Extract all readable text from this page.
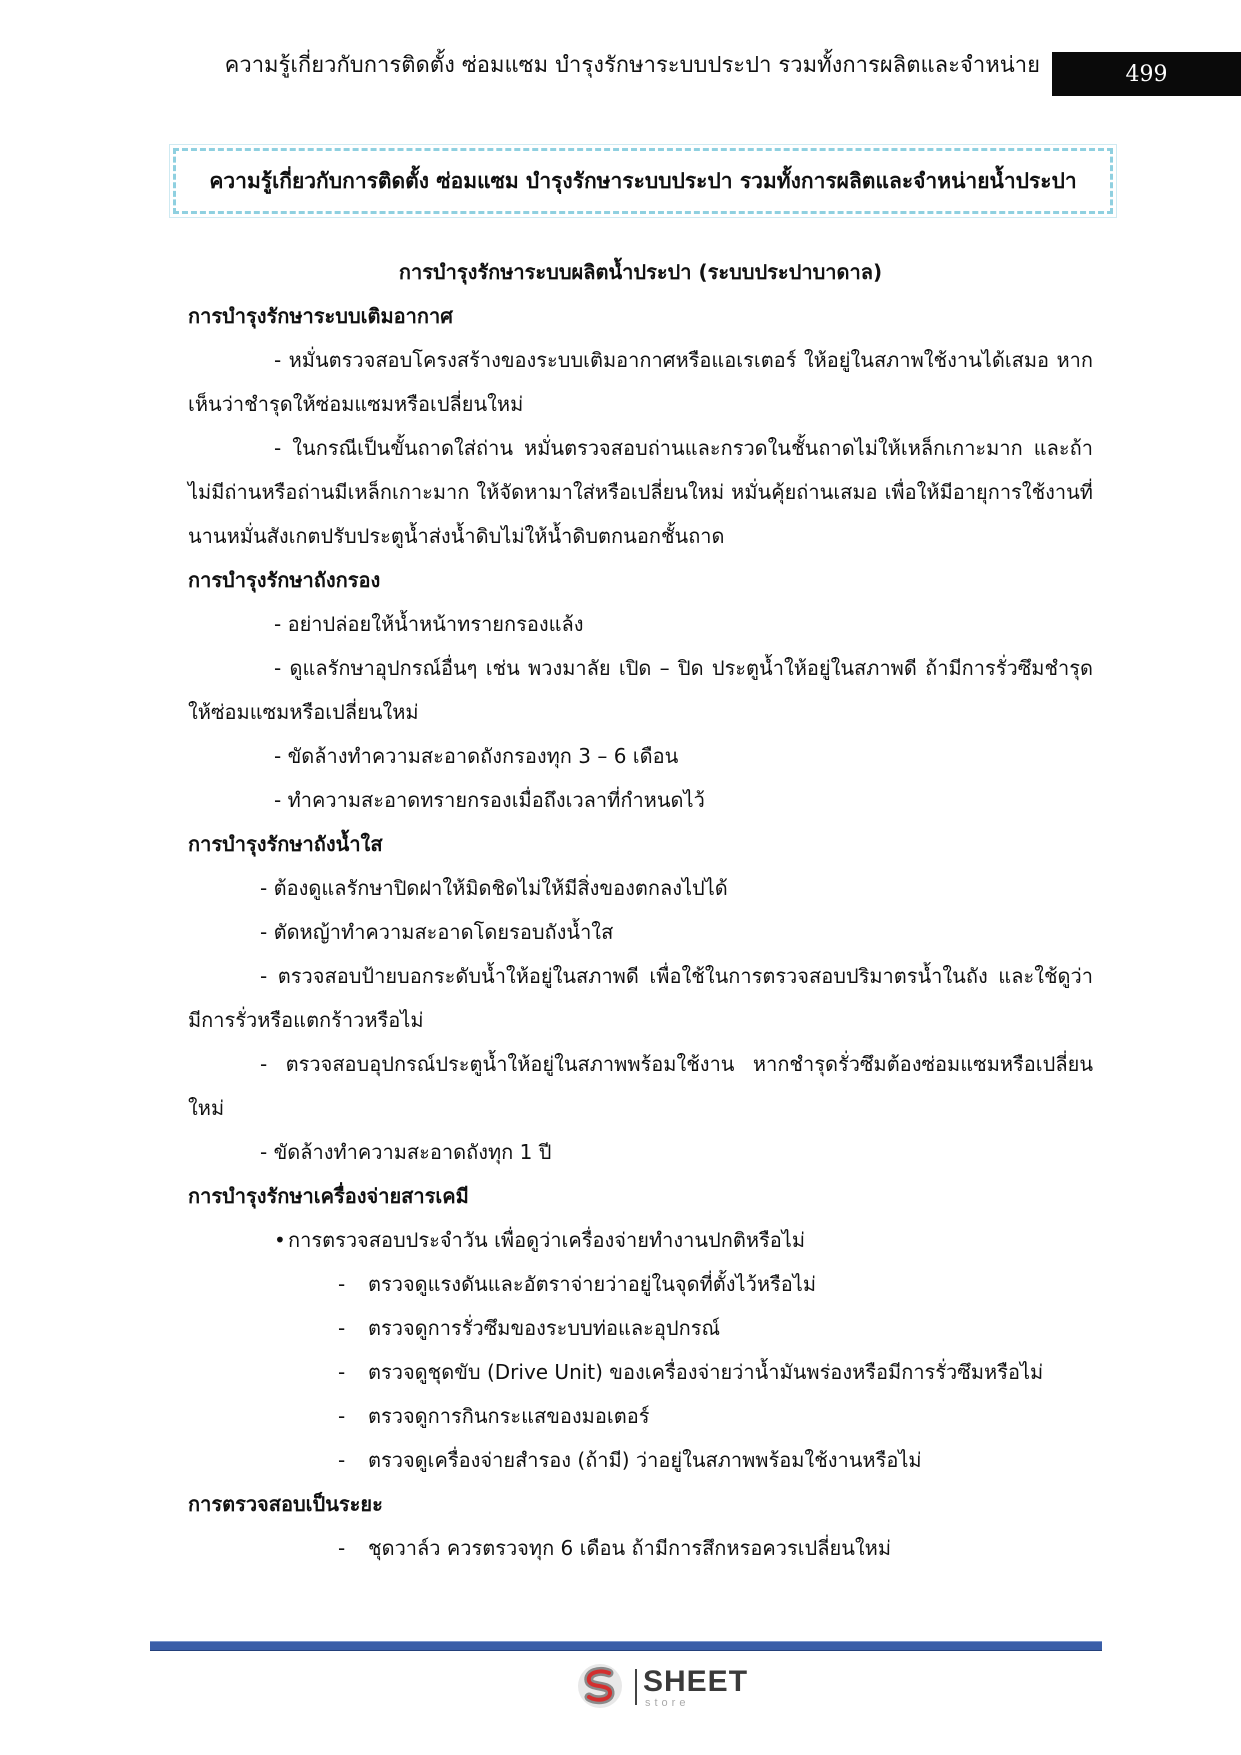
ความรู้เกี่ยวกับการติดตั้ง ซ่อมแซม บำรุงรักษาระบบประปา รวมทั้งการผลิตและจำหน่าย	499
ความรู้เกี่ยวกับการติดตั้ง ซ่อมแซม บำรุงรักษาระบบประปา รวมทั้งการผลิตและจำหน่ายน้ำประปา

การบำรุงรักษาระบบผลิตน้ำประปา (ระบบประปาบาดาล)

การบำรุงรักษาระบบเติมอากาศ

- หมั่นตรวจสอบโครงสร้างของระบบเติมอากาศหรือแอเรเตอร์ ให้อยู่ในสภาพใช้งานได้เสมอ หากเห็นว่าชำรุดให้ซ่อมแซมหรือเปลี่ยนใหม่

- ในกรณีเป็นขั้นถาดใส่ถ่าน หมั่นตรวจสอบถ่านและกรวดในชั้นถาดไม่ให้เหล็กเกาะมาก และถ้าไม่มีถ่านหรือถ่านมีเหล็กเกาะมาก ให้จัดหามาใส่หรือเปลี่ยนใหม่ หมั่นคุ้ยถ่านเสมอ เพื่อให้มีอายุการใช้งานที่นานหมั่นสังเกตปรับประตูน้ำส่งน้ำดิบไม่ให้น้ำดิบตกนอกชั้นถาด

การบำรุงรักษาถังกรอง

- อย่าปล่อยให้น้ำหน้าทรายกรองแล้ง

- ดูแลรักษาอุปกรณ์อื่นๆ เช่น พวงมาลัย เปิด – ปิด ประตูน้ำให้อยู่ในสภาพดี ถ้ามีการรั่วซึมชำรุดให้ซ่อมแซมหรือเปลี่ยนใหม่

- ขัดล้างทำความสะอาดถังกรองทุก 3 – 6 เดือน

- ทำความสะอาดทรายกรองเมื่อถึงเวลาที่กำหนดไว้

การบำรุงรักษาถังน้ำใส

- ต้องดูแลรักษาปิดฝาให้มิดชิดไม่ให้มีสิ่งของตกลงไปได้

- ตัดหญ้าทำความสะอาดโดยรอบถังน้ำใส

- ตรวจสอบป้ายบอกระดับน้ำให้อยู่ในสภาพดี เพื่อใช้ในการตรวจสอบปริมาตรน้ำในถัง และใช้ดูว่ามีการรั่วหรือแตกร้าวหรือไม่

- ตรวจสอบอุปกรณ์ประตูน้ำให้อยู่ในสภาพพร้อมใช้งาน หากชำรุดรั่วซึมต้องซ่อมแซมหรือเปลี่ยนใหม่

- ขัดล้างทำความสะอาดถังทุก 1 ปี

การบำรุงรักษาเครื่องจ่ายสารเคมี

• การตรวจสอบประจำวัน เพื่อดูว่าเครื่องจ่ายทำงานปกติหรือไม่

-	ตรวจดูแรงดันและอัตราจ่ายว่าอยู่ในจุดที่ตั้งไว้หรือไม่

-	ตรวจดูการรั่วซึมของระบบท่อและอุปกรณ์

-	ตรวจดูชุดขับ (Drive Unit) ของเครื่องจ่ายว่าน้ำมันพร่องหรือมีการรั่วซึมหรือไม่

-	ตรวจดูการกินกระแสของมอเตอร์

-	ตรวจดูเครื่องจ่ายสำรอง (ถ้ามี) ว่าอยู่ในสภาพพร้อมใช้งานหรือไม่

การตรวจสอบเป็นระยะ

-	ชุดวาล์ว ควรตรวจทุก 6 เดือน ถ้ามีการสึกหรอควรเปลี่ยนใหม่

SHEET
store
